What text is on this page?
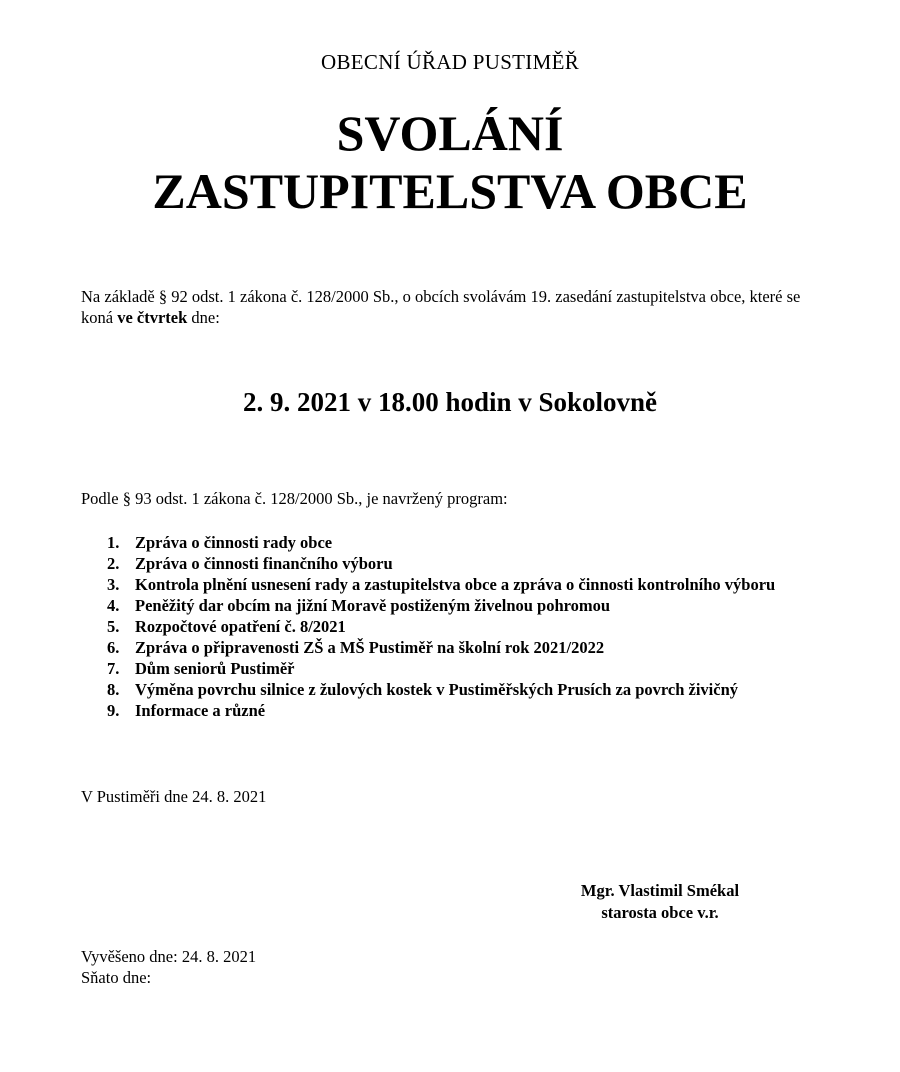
OBECNÍ ÚŘAD PUSTIMĚŘ
SVOLÁNÍ
ZASTUPITELSTVA OBCE
Na základě § 92 odst. 1 zákona č. 128/2000 Sb., o obcích svolávám 19. zasedání zastupitelstva obce, které se koná ve čtvrtek dne:
2. 9. 2021 v 18.00 hodin v Sokolovně
Podle § 93 odst. 1 zákona č. 128/2000 Sb., je navržený program:
1. Zpráva o činnosti rady obce
2. Zpráva o činnosti finančního výboru
3. Kontrola plnění usnesení rady a zastupitelstva obce a zpráva o činnosti kontrolního výboru
4. Peněžitý dar obcím na jižní Moravě postiženým živelnou pohromou
5. Rozpočtové opatření č. 8/2021
6. Zpráva o připravenosti ZŠ a MŠ Pustiměř na školní rok 2021/2022
7. Dům seniorů Pustiměř
8. Výměna povrchu silnice z žulových kostek v Pustiměřských Prusích za povrch živičný
9. Informace a různé
V Pustiměři dne 24. 8. 2021
Mgr. Vlastimil Smékal
starosta obce v.r.
Vyvěšeno dne: 24. 8. 2021
Sňato dne:
